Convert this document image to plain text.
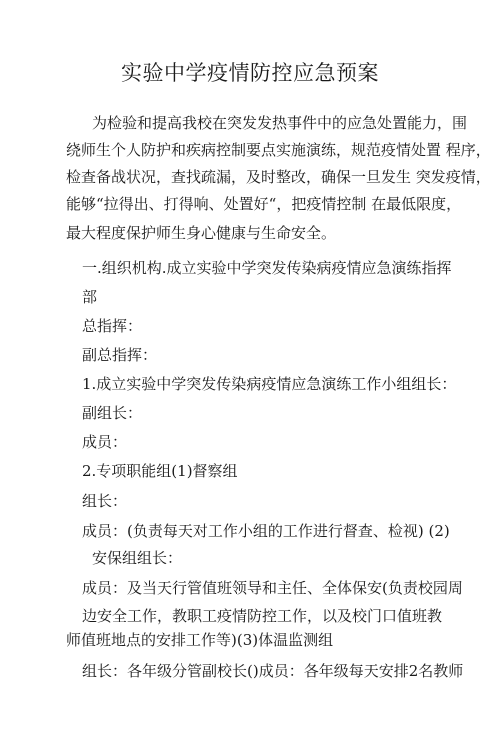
实验中学疫情防控应急预案
为检验和提高我校在突发发热事件中的应急处置能力，围
绕师生个人防护和疾病控制要点实施演练，规范疫情处置 程序，
检查备战状况，查找疏漏，及时整改，确保一旦发生 突发疫情，
能够“拉得出、打得响、处置好“，把疫情控制 在最低限度，
最大程度保护师生身心健康与生命安全。
一.组织机构.成立实验中学突发传染病疫情应急演练指挥
部
总指挥：
副总指挥：
1.成立实验中学突发传染病疫情应急演练工作小组组长：
副组长：
成员：
2.专项职能组(1)督察组
组长：
成员：(负责每天对工作小组的工作进行督查、检视) (2)
安保组组长：
成员：及当天行管值班领导和主任、全体保安(负责校园周
边安全工作，教职工疫情防控工作，以及校门口值班教
师值班地点的安排工作等)(3)体温监测组
组长：各年级分管副校长()成员：各年级每天安排2名教师
